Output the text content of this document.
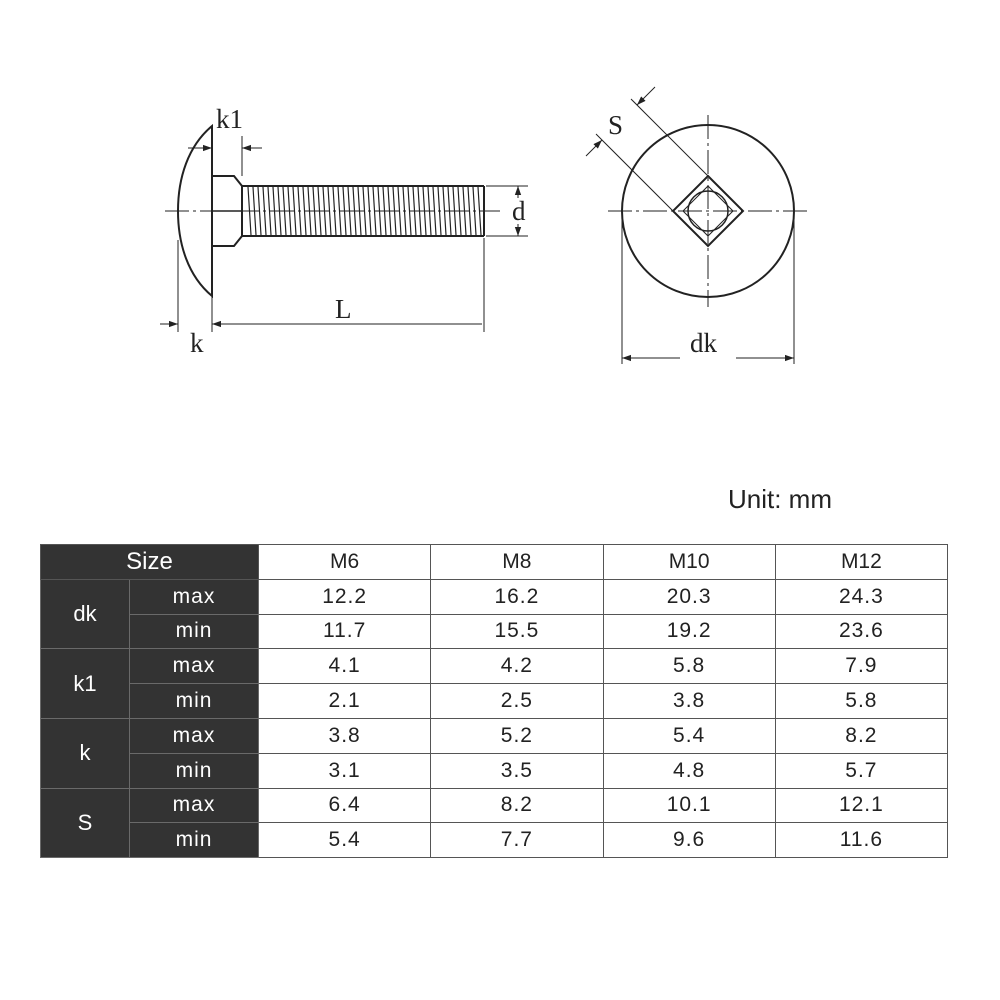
k1
d
L
k
S
dk
Unit: mm
Size		M6	M8	M10	M12
dk	max	12.2	16.2	20.3	24.3
	min	11.7	15.5	19.2	23.6
k1	max	4.1	4.2	5.8	7.9
	min	2.1	2.5	3.8	5.8
k	max	3.8	5.2	5.4	8.2
	min	3.1	3.5	4.8	5.7
S	max	6.4	8.2	10.1	12.1
	min	5.4	7.7	9.6	11.6
